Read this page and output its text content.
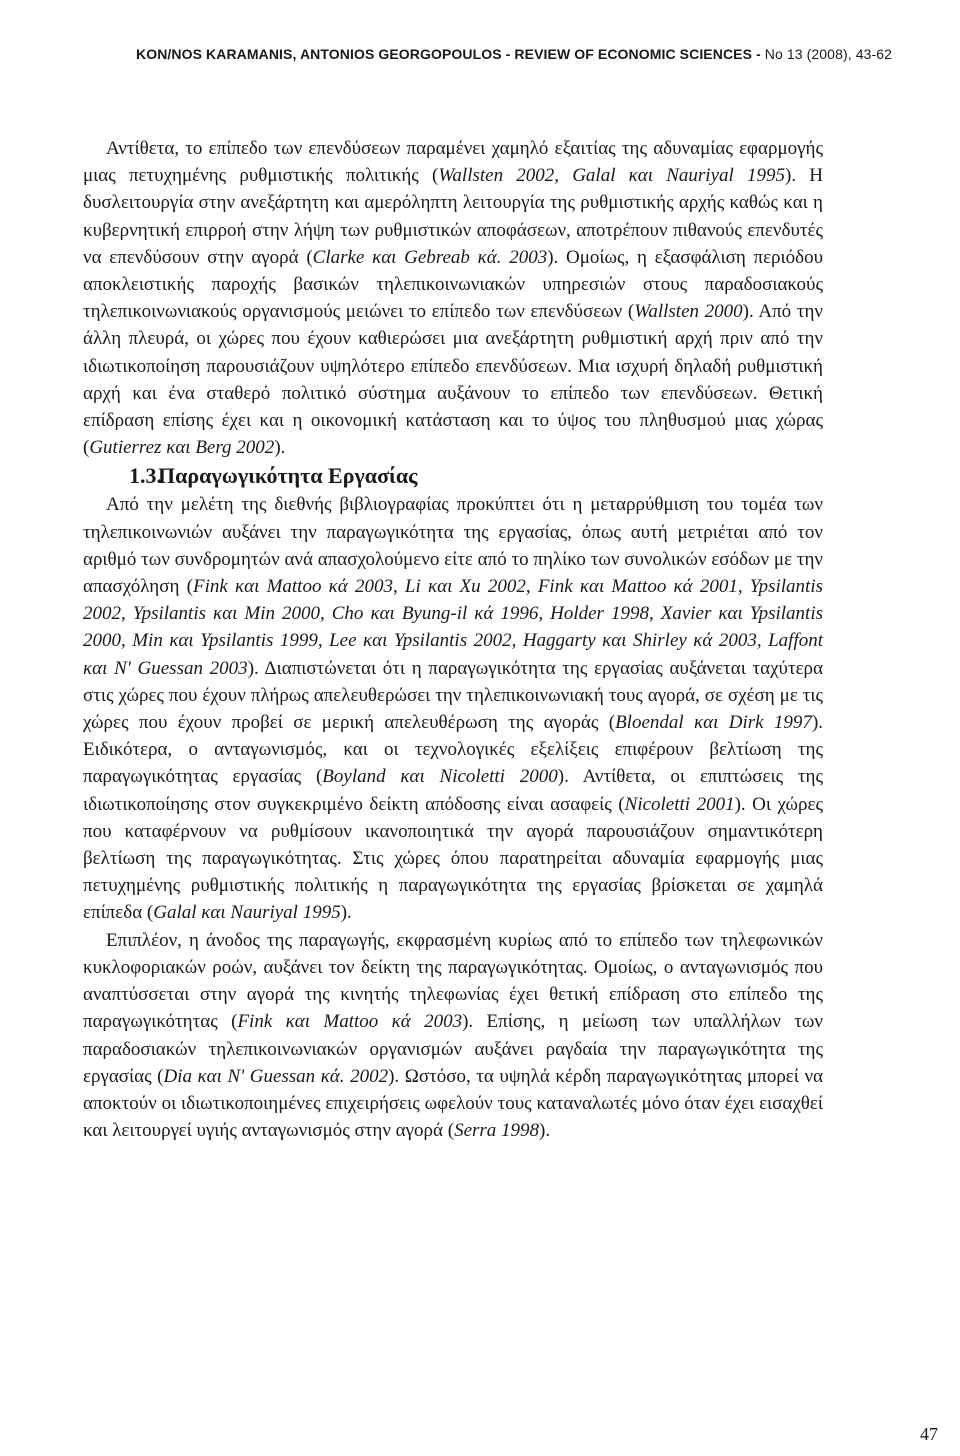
KON/NOS KARAMANIS, ANTONIOS GEORGOPOULOS - REVIEW OF ECONOMIC SCIENCES - No 13 (2008), 43-62

Αντίθετα, το επίπεδο των επενδύσεων παραμένει χαμηλό εξαιτίας της αδυναμίας εφαρμογής μιας πετυχημένης ρυθμιστικής πολιτικής (Wallsten 2002, Galal και Nauriyal 1995). Η δυσλειτουργία στην ανεξάρτητη και αμερόληπτη λειτουργία της ρυθμιστικής αρχής καθώς και η κυβερνητική επιρροή στην λήψη των ρυθμιστικών αποφάσεων, αποτρέπουν πιθανούς επενδυτές να επενδύσουν στην αγορά (Clarke και Gebreab κά. 2003). Ομοίως, η εξασφάλιση περιόδου αποκλειστικής παροχής βασικών τηλεπικοινωνιακών υπηρεσιών στους παραδοσιακούς τηλεπικοινωνιακούς οργανισμούς μειώνει το επίπεδο των επενδύσεων (Wallsten 2000). Από την άλλη πλευρά, οι χώρες που έχουν καθιερώσει μια ανεξάρτητη ρυθμιστική αρχή πριν από την ιδιωτικοποίηση παρουσιάζουν υψηλότερο επίπεδο επενδύσεων. Μια ισχυρή δηλαδή ρυθμιστική αρχή και ένα σταθερό πολιτικό σύστημα αυξάνουν το επίπεδο των επενδύσεων. Θετική επίδραση επίσης έχει και η οικονομική κατάσταση και το ύψος του πληθυσμού μιας χώρας (Gutierrez και Berg 2002).

1.3.Παραγωγικότητα Εργασίας

Από την μελέτη της διεθνής βιβλιογραφίας προκύπτει ότι η μεταρρύθμιση του τομέα των τηλεπικοινωνιών αυξάνει την παραγωγικότητα της εργασίας, όπως αυτή μετριέται από τον αριθμό των συνδρομητών ανά απασχολούμενο είτε από το πηλίκο των συνολικών εσόδων με την απασχόληση (Fink και Mattoo κά 2003, Li και Xu 2002, Fink και Mattoo κά 2001, Ypsilantis 2002, Ypsilantis και Min 2000, Cho και Byung-il κά 1996, Holder 1998, Xavier και Ypsilantis 2000, Min και Ypsilantis 1999, Lee και Ypsilantis 2002, Haggarty και Shirley κά 2003, Laffont και N' Guessan 2003). Διαπιστώνεται ότι η παραγωγικότητα της εργασίας αυξάνεται ταχύτερα στις χώρες που έχουν πλήρως απελευθερώσει την τηλεπικοινωνιακή τους αγορά, σε σχέση με τις χώρες που έχουν προβεί σε μερική απελευθέρωση της αγοράς (Bloendal και Dirk 1997). Ειδικότερα, ο ανταγωνισμός, και οι τεχνολογικές εξελίξεις επιφέρουν βελτίωση της παραγωγικότητας εργασίας (Boyland και Nicoletti 2000). Αντίθετα, οι επιπτώσεις της ιδιωτικοποίησης στον συγκεκριμένο δείκτη απόδοσης είναι ασαφείς (Nicoletti 2001). Οι χώρες που καταφέρνουν να ρυθμίσουν ικανοποιητικά την αγορά παρουσιάζουν σημαντικότερη βελτίωση της παραγωγικότητας. Στις χώρες όπου παρατηρείται αδυναμία εφαρμογής μιας πετυχημένης ρυθμιστικής πολιτικής η παραγωγικότητα της εργασίας βρίσκεται σε χαμηλά επίπεδα (Galal και Nauriyal 1995).

Επιπλέον, η άνοδος της παραγωγής, εκφρασμένη κυρίως από το επίπεδο των τηλεφωνικών κυκλοφοριακών ροών, αυξάνει τον δείκτη της παραγωγικότητας. Ομοίως, ο ανταγωνισμός που αναπτύσσεται στην αγορά της κινητής τηλεφωνίας έχει θετική επίδραση στο επίπεδο της παραγωγικότητας (Fink και Mattoo κά 2003). Επίσης, η μείωση των υπαλλήλων των παραδοσιακών τηλεπικοινωνιακών οργανισμών αυξάνει ραγδαία την παραγωγικότητα της εργασίας (Dia και N' Guessan κά. 2002). Ωστόσο, τα υψηλά κέρδη παραγωγικότητας μπορεί να αποκτούν οι ιδιωτικοποιημένες επιχειρήσεις ωφελούν τους καταναλωτές μόνο όταν έχει εισαχθεί και λειτουργεί υγιής ανταγωνισμός στην αγορά (Serra 1998).

47
